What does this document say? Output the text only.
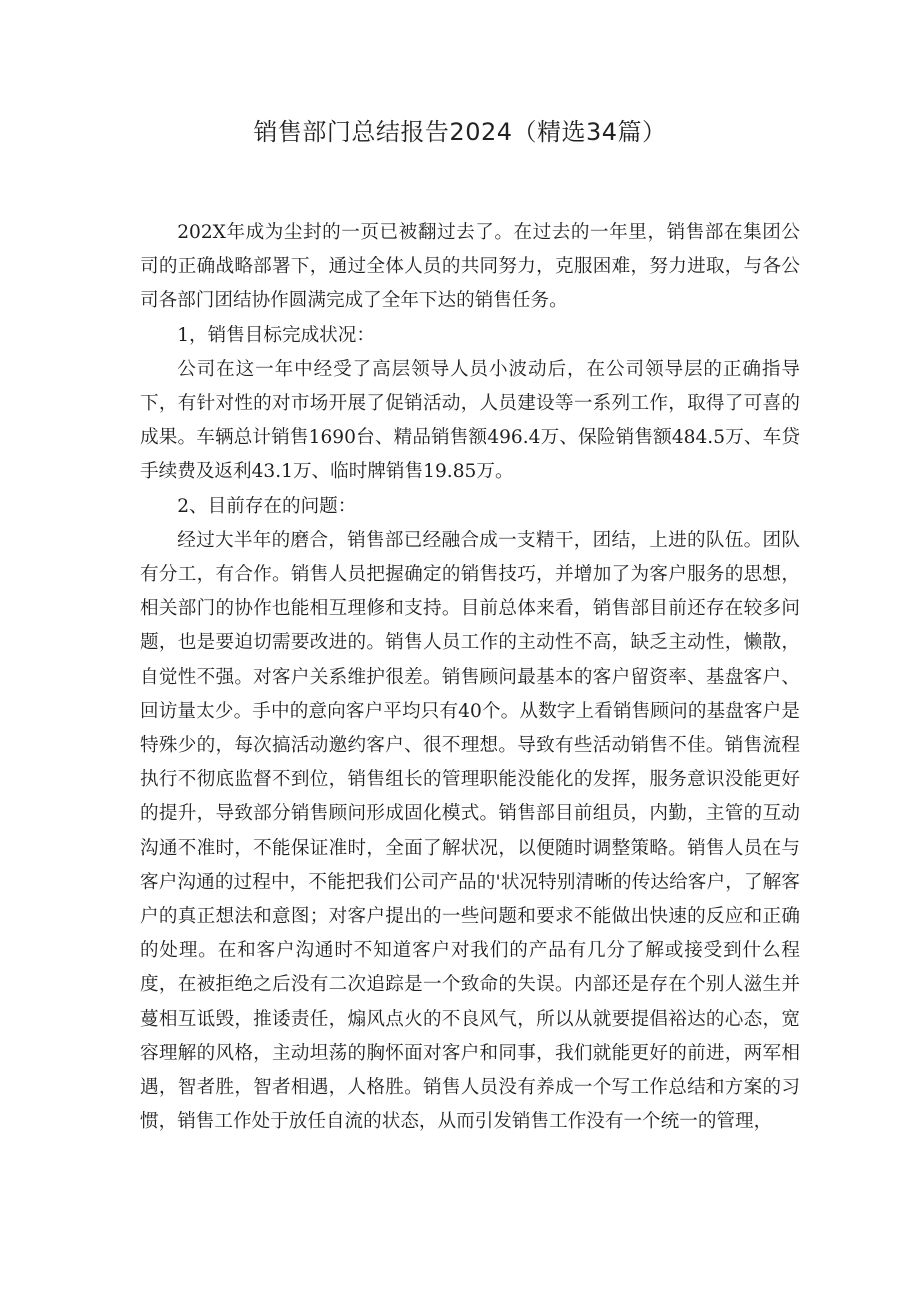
销售部门总结报告2024（精选34篇）

202X年成为尘封的一页已被翻过去了。在过去的一年里，销售部在集团公司的正确战略部署下，通过全体人员的共同努力，克服困难，努力进取，与各公司各部门团结协作圆满完成了全年下达的销售任务。

1，销售目标完成状况：

公司在这一年中经受了高层领导人员小波动后，在公司领导层的正确指导下，有针对性的对市场开展了促销活动，人员建设等一系列工作，取得了可喜的成果。车辆总计销售1690台、精品销售额496.4万、保险销售额484.5万、车贷手续费及返利43.1万、临时牌销售19.85万。

2、目前存在的问题：

经过大半年的磨合，销售部已经融合成一支精干，团结，上进的队伍。团队有分工，有合作。销售人员把握确定的销售技巧，并增加了为客户服务的思想，相关部门的协作也能相互理修和支持。目前总体来看，销售部目前还存在较多问题，也是要迫切需要改进的。销售人员工作的主动性不高，缺乏主动性，懒散，自觉性不强。对客户关系维护很差。销售顾问最基本的客户留资率、基盘客户、回访量太少。手中的意向客户平均只有40个。从数字上看销售顾问的基盘客户是特殊少的，每次搞活动邀约客户、很不理想。导致有些活动销售不佳。销售流程执行不彻底监督不到位，销售组长的管理职能没能化的发挥，服务意识没能更好的提升，导致部分销售顾问形成固化模式。销售部目前组员，内勤，主管的互动沟通不准时，不能保证准时，全面了解状况，以便随时调整策略。销售人员在与客户沟通的过程中，不能把我们公司产品的'状况特别清晰的传达给客户，了解客户的真正想法和意图；对客户提出的一些问题和要求不能做出快速的反应和正确的处理。在和客户沟通时不知道客户对我们的产品有几分了解或接受到什么程度，在被拒绝之后没有二次追踪是一个致命的失误。内部还是存在个别人滋生并蔓相互诋毁，推诿责任，煽风点火的不良风气，所以从就要提倡裕达的心态，宽容理解的风格，主动坦荡的胸怀面对客户和同事，我们就能更好的前进，两军相遇，智者胜，智者相遇，人格胜。销售人员没有养成一个写工作总结和方案的习惯，销售工作处于放任自流的状态，从而引发销售工作没有一个统一的管理，
